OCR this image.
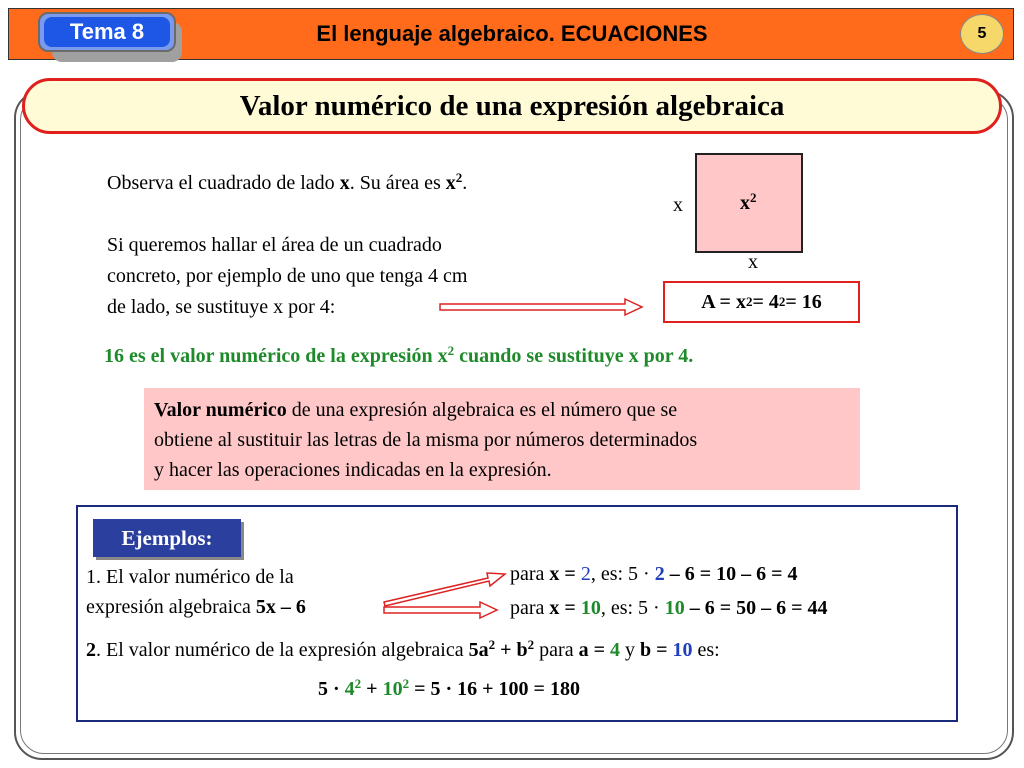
Tema 8	El lenguaje algebraico. ECUACIONES	5
Valor numérico de una expresión algebraica
Observa el cuadrado de lado x. Su área es $x^2$.
Si queremos hallar el área de un cuadrado
concreto, por ejemplo de uno que tenga 4 cm
de lado, se sustituye x por 4:
$x^2$
x
x
A = x 2 = 4 2 = 16
16 es el valor numérico de la expresión $x^2$ cuando se sustituye x por 4.
Valor numérico de una expresión algebraica es el número que se
obtiene al sustituir las letras de la misma por números determinados
y hacer las operaciones indicadas en la expresión.
Ejemplos:
1. El valor numérico de la
expresión algebraica 5x – 6
para x = 2, es: 5 · 2 – 6 = 10 – 6 = 4
para x = 10, es: 5 · 10 – 6 = 50 – 6 = 44
2. El valor numérico de la expresión algebraica $5a^2 + b^2$ para a = 4 y b = 10 es:
$5 \cdot 4^2 + 10^2 = 5 \cdot 16 + 100 = 180$
